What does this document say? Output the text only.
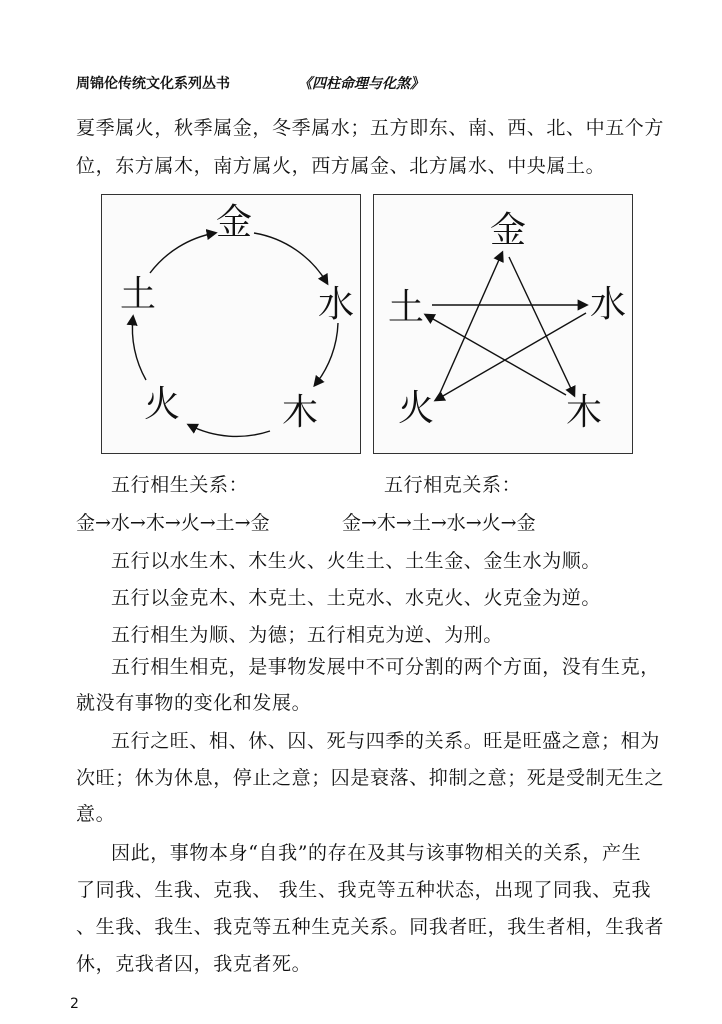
周锦伦传统文化系列丛书	《四柱命理与化煞》
夏季属火，秋季属金，冬季属水；五方即东、南、西、北、中五个方
位，东方属木，南方属火，西方属金、北方属水、中央属土。
金
水
木
火
土
金
水
木
火
土
五行相生关系：	五行相克关系：
金→水→木→火→土→金	金→木→土→水→火→金
五行以水生木、木生火、火生土、土生金、金生水为顺。
五行以金克木、木克土、土克水、水克火、火克金为逆。
五行相生为顺、为德；五行相克为逆、为刑。
五行相生相克，是事物发展中不可分割的两个方面，没有生克，
就没有事物的变化和发展。
五行之旺、相、休、囚、死与四季的关系。旺是旺盛之意；相为
次旺；休为休息，停止之意；囚是衰落、抑制之意；死是受制无生之
意。
因此，事物本身“自我”的存在及其与该事物相关的关系，产生
了同我、生我、克我、 我生、我克等五种状态，出现了同我、克我
、生我、我生、我克等五种生克关系。同我者旺，我生者相，生我者
休，克我者囚，我克者死。
2
